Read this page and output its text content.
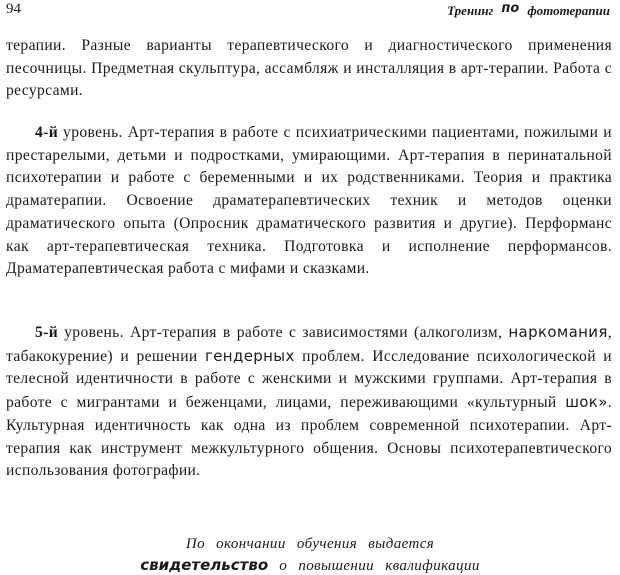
94	Тренинг по фототерапии

терапии. Разные варианты терапевтического и диагностического применения песочницы. Предметная скульптура, ассамбляж и инсталляция в арт-терапии. Работа с ресурсами.

4-й уровень. Арт-терапия в работе с психиатрическими пациентами, пожилыми и престарелыми, детьми и подростками, умирающими. Арт-терапия в перинатальной психотерапии и работе с беременными и их родственниками. Теория и практика драматерапии. Освоение драматерапевтических техник и методов оценки драматического опыта (Опросник драматического развития и другие). Перформанс как арт-терапевтическая техника. Подготовка и исполнение перформансов. Драматерапевтическая работа с мифами и сказками.

5-й уровень. Арт-терапия в работе с зависимостями (алкоголизм, наркомания, табакокурение) и решении гендерных проблем. Исследование психологической и телесной идентичности в работе с женскими и мужскими группами. Арт-терапия в работе с мигрантами и беженцами, лицами, переживающими «культурный шок». Культурная идентичность как одна из проблем современной психотерапии. Арт-терапия как инструмент межкультурного общения. Основы психотерапевтического использования фотографии.

По окончании обучения выдается
свидетельство о повышении квалификации
